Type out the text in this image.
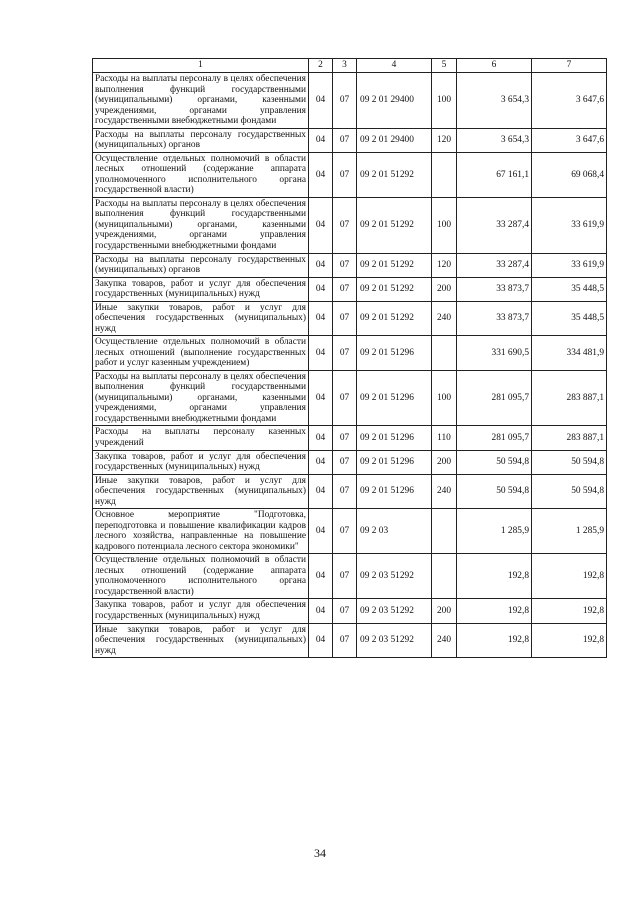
1	2	3	4	5	6	7
Расходы на выплаты персоналу в целях обеспечения выполнения функций государственными (муниципальными) органами, казенными учреждениями, органами управления государственными внебюджетными фондами	04	07	09 2 01 29400	100	3 654,3	3 647,6
Расходы на выплаты персоналу государственных (муниципальных) органов	04	07	09 2 01 29400	120	3 654,3	3 647,6
Осуществление отдельных полномочий в области лесных отношений (содержание аппарата уполномоченного исполнительного органа государственной власти)	04	07	09 2 01 51292		67 161,1	69 068,4
Расходы на выплаты персоналу в целях обеспечения выполнения функций государственными (муниципальными) органами, казенными учреждениями, органами управления государственными внебюджетными фондами	04	07	09 2 01 51292	100	33 287,4	33 619,9
Расходы на выплаты персоналу государственных (муниципальных) органов	04	07	09 2 01 51292	120	33 287,4	33 619,9
Закупка товаров, работ и услуг для обеспечения государственных (муниципальных) нужд	04	07	09 2 01 51292	200	33 873,7	35 448,5
Иные закупки товаров, работ и услуг для обеспечения государственных (муниципальных) нужд	04	07	09 2 01 51292	240	33 873,7	35 448,5
Осуществление отдельных полномочий в области лесных отношений (выполнение государственных работ и услуг казенным учреждением)	04	07	09 2 01 51296		331 690,5	334 481,9
Расходы на выплаты персоналу в целях обеспечения выполнения функций государственными (муниципальными) органами, казенными учреждениями, органами управления государственными внебюджетными фондами	04	07	09 2 01 51296	100	281 095,7	283 887,1
Расходы на выплаты персоналу казенных учреждений	04	07	09 2 01 51296	110	281 095,7	283 887,1
Закупка товаров, работ и услуг для обеспечения государственных (муниципальных) нужд	04	07	09 2 01 51296	200	50 594,8	50 594,8
Иные закупки товаров, работ и услуг для обеспечения государственных (муниципальных) нужд	04	07	09 2 01 51296	240	50 594,8	50 594,8
Основное мероприятие "Подготовка, переподготовка и повышение квалификации кадров лесного хозяйства, направленные на повышение кадрового потенциала лесного сектора экономики"	04	07	09 2 03		1 285,9	1 285,9
Осуществление отдельных полномочий в области лесных отношений (содержание аппарата уполномоченного исполнительного органа государственной власти)	04	07	09 2 03 51292		192,8	192,8
Закупка товаров, работ и услуг для обеспечения государственных (муниципальных) нужд	04	07	09 2 03 51292	200	192,8	192,8
Иные закупки товаров, работ и услуг для обеспечения государственных (муниципальных) нужд	04	07	09 2 03 51292	240	192,8	192,8
34
